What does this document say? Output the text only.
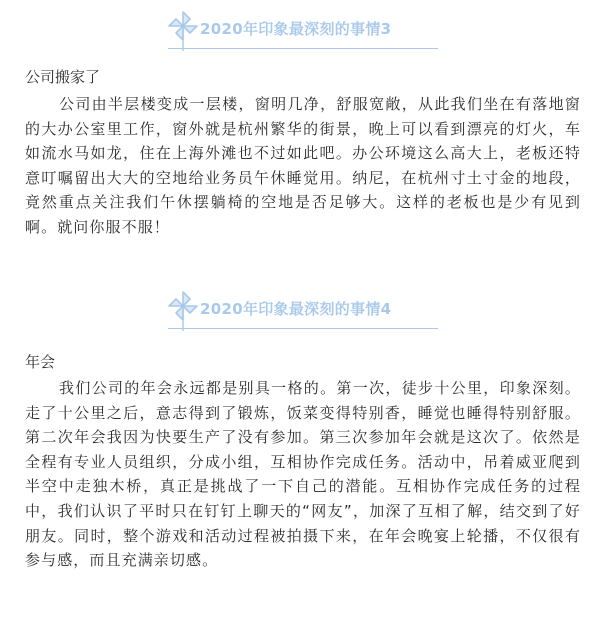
2020年印象最深刻的事情3
公司搬家了

公司由半层楼变成一层楼，窗明几净，舒服宽敞，从此我们坐在有落地窗的大办公室里工作，窗外就是杭州繁华的街景，晚上可以看到漂亮的灯火，车如流水马如龙，住在上海外滩也不过如此吧。办公环境这么高大上，老板还特意叮嘱留出大大的空地给业务员午休睡觉用。纳尼，在杭州寸土寸金的地段，竟然重点关注我们午休摆躺椅的空地是否足够大。这样的老板也是少有见到啊。就问你服不服！

2020年印象最深刻的事情4
年会

我们公司的年会永远都是别具一格的。第一次，徒步十公里，印象深刻。走了十公里之后，意志得到了锻炼，饭菜变得特别香，睡觉也睡得特别舒服。第二次年会我因为快要生产了没有参加。第三次参加年会就是这次了。依然是全程有专业人员组织，分成小组，互相协作完成任务。活动中，吊着威亚爬到半空中走独木桥，真正是挑战了一下自己的潜能。互相协作完成任务的过程中，我们认识了平时只在钉钉上聊天的“网友”，加深了互相了解，结交到了好朋友。同时，整个游戏和活动过程被拍摄下来，在年会晚宴上轮播，不仅很有参与感，而且充满亲切感。
